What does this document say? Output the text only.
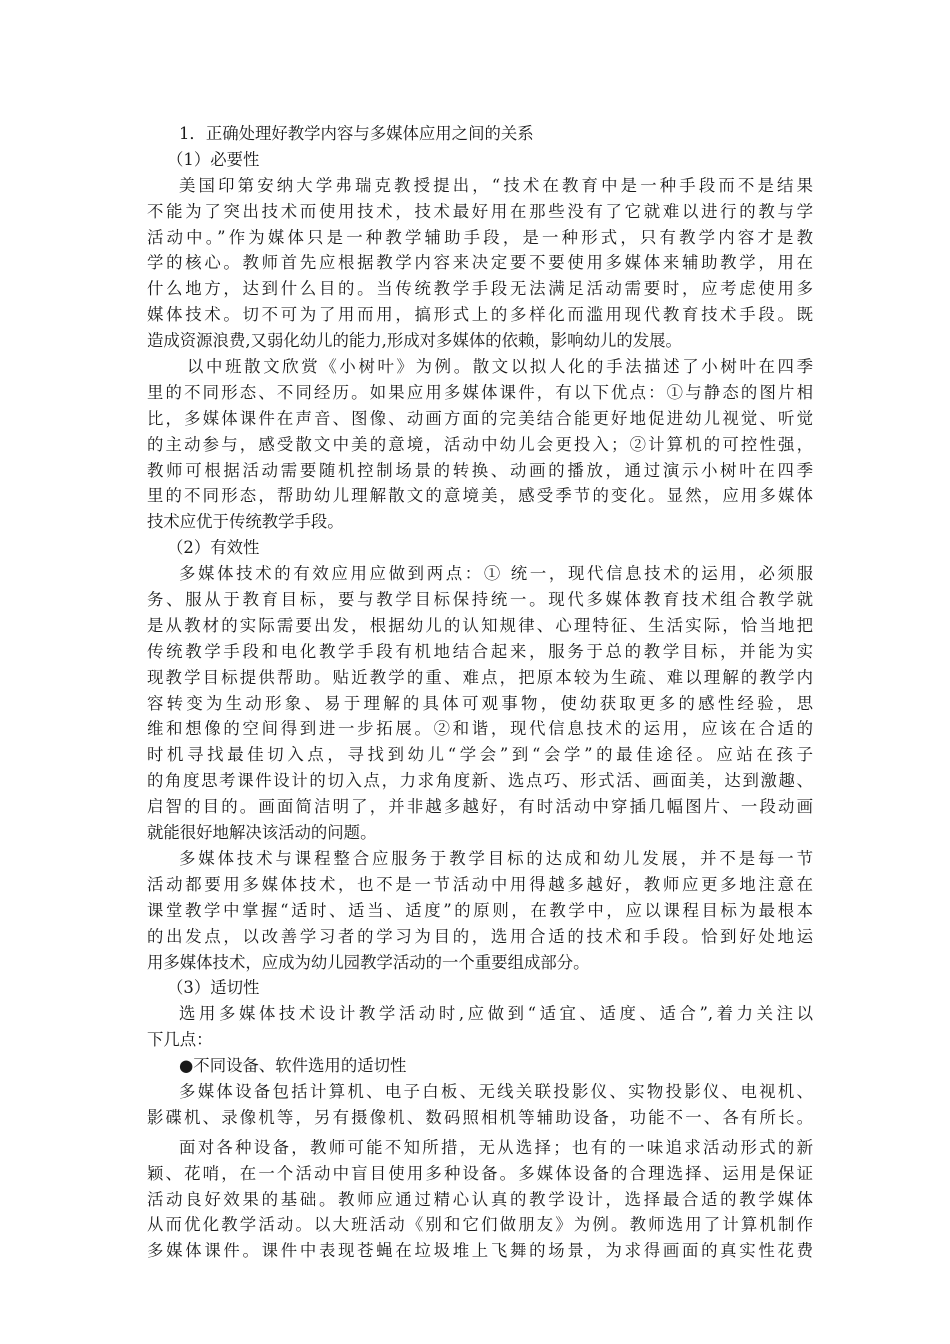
1．正确处理好教学内容与多媒体应用之间的关系
（1）必要性
美国印第安纳大学弗瑞克教授提出，“技术在教育中是一种手段而不是结果
不能为了突出技术而使用技术，技术最好用在那些没有了它就难以进行的教与学
活动中。”作为媒体只是一种教学辅助手段，是一种形式，只有教学内容才是教
学的核心。教师首先应根据教学内容来决定要不要使用多媒体来辅助教学，用在
什么地方，达到什么目的。当传统教学手段无法满足活动需要时，应考虑使用多
媒体技术。切不可为了用而用，搞形式上的多样化而滥用现代教育技术手段。既
造成资源浪费,又弱化幼儿的能力,形成对多媒体的依赖，影响幼儿的发展。
以中班散文欣赏《小树叶》为例。散文以拟人化的手法描述了小树叶在四季
里的不同形态、不同经历。如果应用多媒体课件，有以下优点：①与静态的图片相
比，多媒体课件在声音、图像、动画方面的完美结合能更好地促进幼儿视觉、听觉
的主动参与，感受散文中美的意境，活动中幼儿会更投入；②计算机的可控性强，
教师可根据活动需要随机控制场景的转换、动画的播放，通过演示小树叶在四季
里的不同形态，帮助幼儿理解散文的意境美，感受季节的变化。显然，应用多媒体
技术应优于传统教学手段。
（2）有效性
多媒体技术的有效应用应做到两点：① 统一，现代信息技术的运用，必须服
务、服从于教育目标，要与教学目标保持统一。现代多媒体教育技术组合教学就
是从教材的实际需要出发，根据幼儿的认知规律、心理特征、生活实际，恰当地把
传统教学手段和电化教学手段有机地结合起来，服务于总的教学目标，并能为实
现教学目标提供帮助。贴近教学的重、难点，把原本较为生疏、难以理解的教学内
容转变为生动形象、易于理解的具体可观事物，使幼获取更多的感性经验，思
维和想像的空间得到进一步拓展。②和谐，现代信息技术的运用，应该在合适的
时机寻找最佳切入点，寻找到幼儿“学会”到“会学”的最佳途径。应站在孩子
的角度思考课件设计的切入点，力求角度新、选点巧、形式活、画面美，达到激趣、
启智的目的。画面简洁明了，并非越多越好，有时活动中穿插几幅图片、一段动画
就能很好地解决该活动的问题。
多媒体技术与课程整合应服务于教学目标的达成和幼儿发展，并不是每一节
活动都要用多媒体技术，也不是一节活动中用得越多越好，教师应更多地注意在
课堂教学中掌握“适时、适当、适度”的原则，在教学中，应以课程目标为最根本
的出发点，以改善学习者的学习为目的，选用合适的技术和手段。恰到好处地运
用多媒体技术，应成为幼儿园教学活动的一个重要组成部分。
（3）适切性
选用多媒体技术设计教学活动时,应做到“适宜、适度、适合”,着力关注以
下几点：
●不同设备、软件选用的适切性
多媒体设备包括计算机、电子白板、无线关联投影仪、实物投影仪、电视机、
影碟机、录像机等，另有摄像机、数码照相机等辅助设备，功能不一、各有所长。
面对各种设备，教师可能不知所措，无从选择；也有的一味追求活动形式的新
颖、花哨，在一个活动中盲目使用多种设备。多媒体设备的合理选择、运用是保证
活动良好效果的基础。教师应通过精心认真的教学设计，选择最合适的教学媒体
从而优化教学活动。以大班活动《别和它们做朋友》为例。教师选用了计算机制作
多媒体课件。课件中表现苍蝇在垃圾堆上飞舞的场景，为求得画面的真实性花费
